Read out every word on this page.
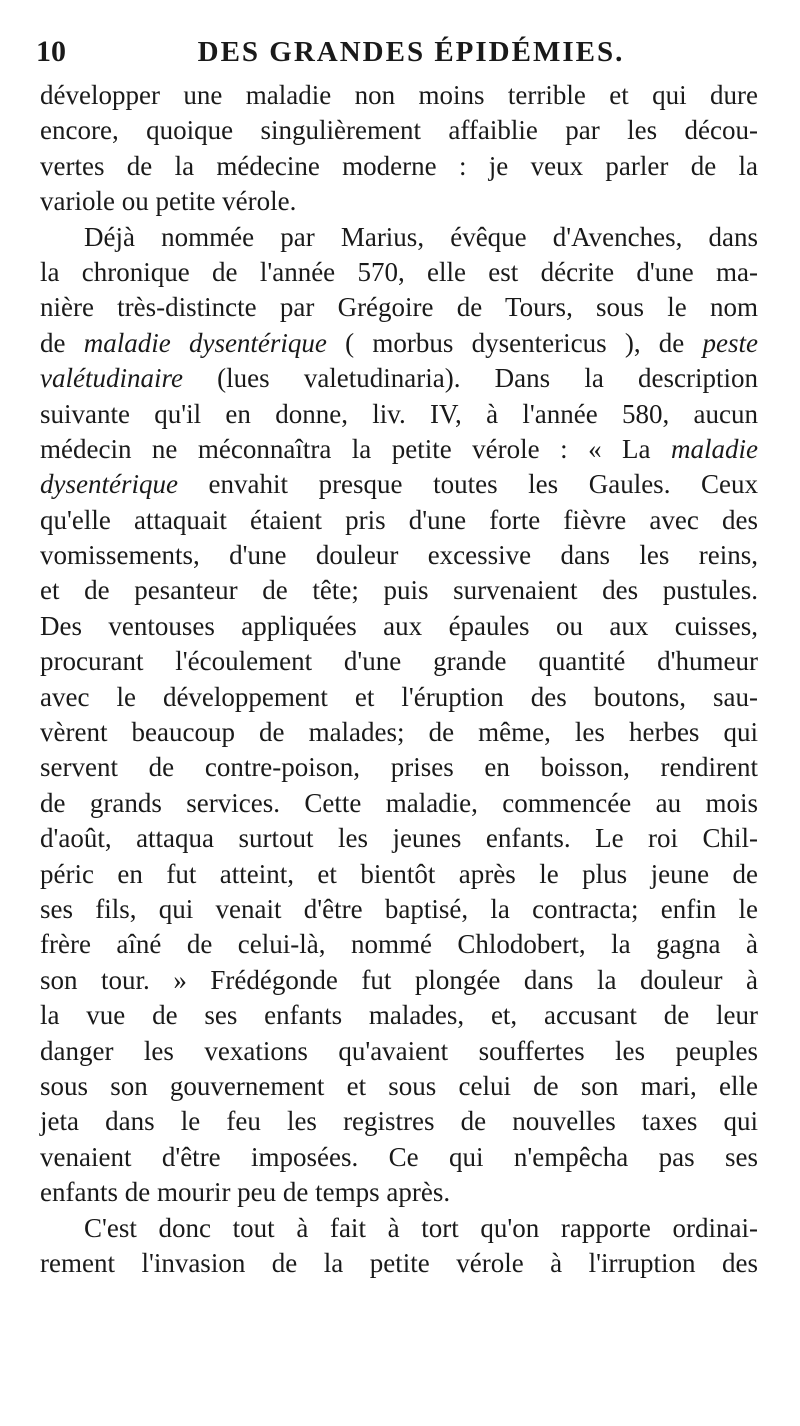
10	DES GRANDES ÉPIDÉMIES.
développer une maladie non moins terrible et qui dure
encore, quoique singulièrement affaiblie par les décou-
vertes de la médecine moderne : je veux parler de la
variole ou petite vérole.
Déjà nommée par Marius, évêque d'Avenches, dans
la chronique de l'année 570, elle est décrite d'une ma-
nière très-distincte par Grégoire de Tours, sous le nom
de maladie dysentérique ( morbus dysentericus ), de peste
valétudinaire (lues valetudinaria). Dans la description
suivante qu'il en donne, liv. IV, à l'année 580, aucun
médecin ne méconnaîtra la petite vérole : « La maladie
dysentérique envahit presque toutes les Gaules. Ceux
qu'elle attaquait étaient pris d'une forte fièvre avec des
vomissements, d'une douleur excessive dans les reins,
et de pesanteur de tête; puis survenaient des pustules.
Des ventouses appliquées aux épaules ou aux cuisses,
procurant l'écoulement d'une grande quantité d'humeur
avec le développement et l'éruption des boutons, sau-
vèrent beaucoup de malades; de même, les herbes qui
servent de contre-poison, prises en boisson, rendirent
de grands services. Cette maladie, commencée au mois
d'août, attaqua surtout les jeunes enfants. Le roi Chil-
péric en fut atteint, et bientôt après le plus jeune de
ses fils, qui venait d'être baptisé, la contracta; enfin le
frère aîné de celui-là, nommé Chlodobert, la gagna à
son tour. » Frédégonde fut plongée dans la douleur à
la vue de ses enfants malades, et, accusant de leur
danger les vexations qu'avaient souffertes les peuples
sous son gouvernement et sous celui de son mari, elle
jeta dans le feu les registres de nouvelles taxes qui
venaient d'être imposées. Ce qui n'empêcha pas ses
enfants de mourir peu de temps après.
C'est donc tout à fait à tort qu'on rapporte ordinai-
rement l'invasion de la petite vérole à l'irruption des
